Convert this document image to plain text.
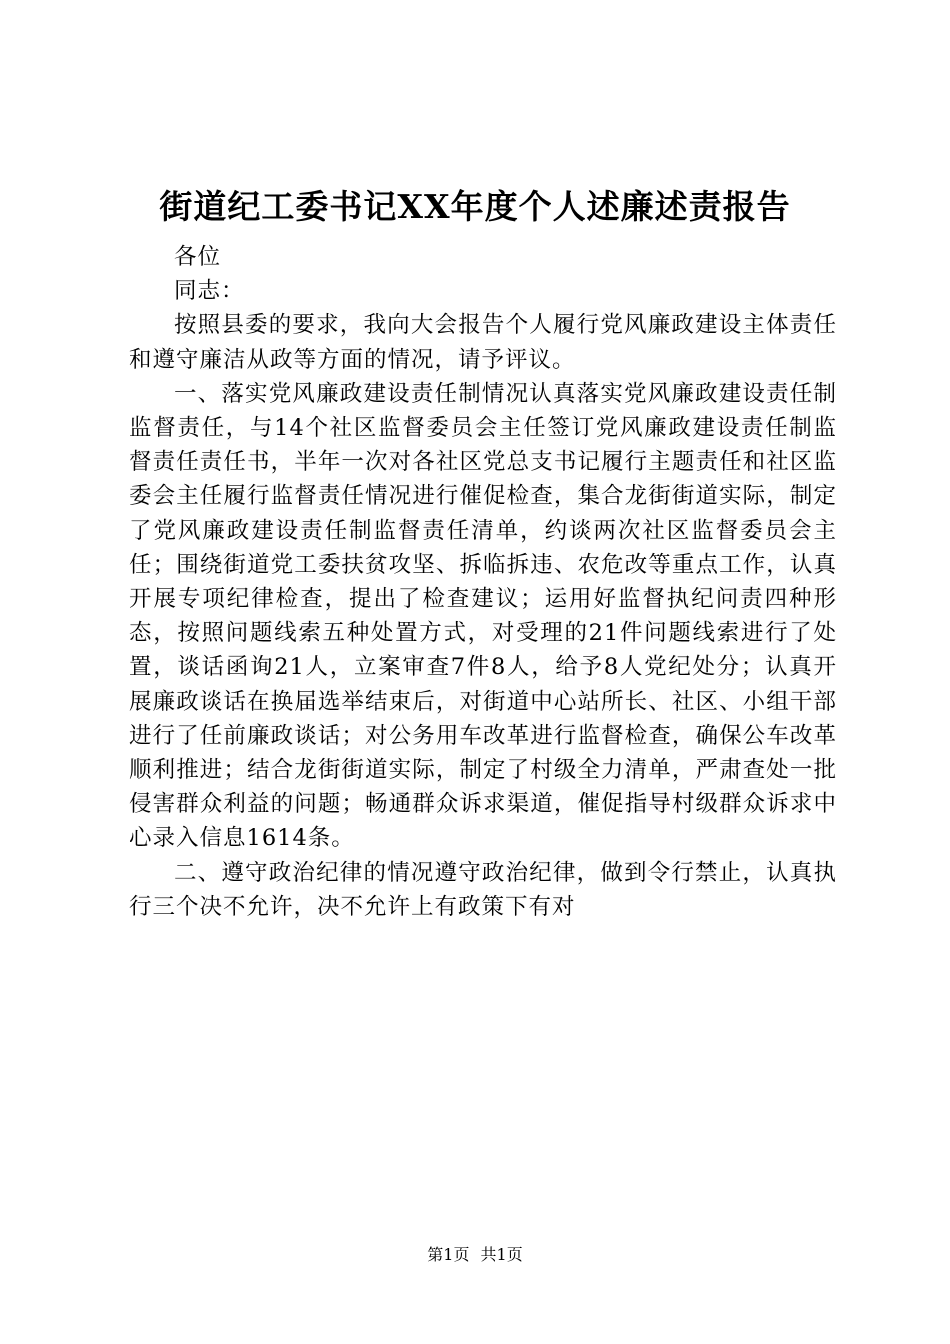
街道纪工委书记XX年度个人述廉述责报告

各位

同志：

按照县委的要求，我向大会报告个人履行党风廉政建设主体责任和遵守廉洁从政等方面的情况，请予评议。

一、落实党风廉政建设责任制情况认真落实党风廉政建设责任制监督责任，与14个社区监督委员会主任签订党风廉政建设责任制监督责任责任书，半年一次对各社区党总支书记履行主题责任和社区监委会主任履行监督责任情况进行催促检查，集合龙街街道实际，制定了党风廉政建设责任制监督责任清单，约谈两次社区监督委员会主任；围绕街道党工委扶贫攻坚、拆临拆违、农危改等重点工作，认真开展专项纪律检查，提出了检查建议；运用好监督执纪问责四种形态，按照问题线索五种处置方式，对受理的21件问题线索进行了处置，谈话函询21人，立案审查7件8人，给予8人党纪处分；认真开展廉政谈话在换届选举结束后，对街道中心站所长、社区、小组干部进行了任前廉政谈话；对公务用车改革进行监督检查，确保公车改革顺利推进；结合龙街街道实际，制定了村级全力清单，严肃查处一批侵害群众利益的问题；畅通群众诉求渠道，催促指导村级群众诉求中心录入信息1614条。

二、遵守政治纪律的情况遵守政治纪律，做到令行禁止，认真执行三个决不允许，决不允许上有政策下有对

第1页 共1页
